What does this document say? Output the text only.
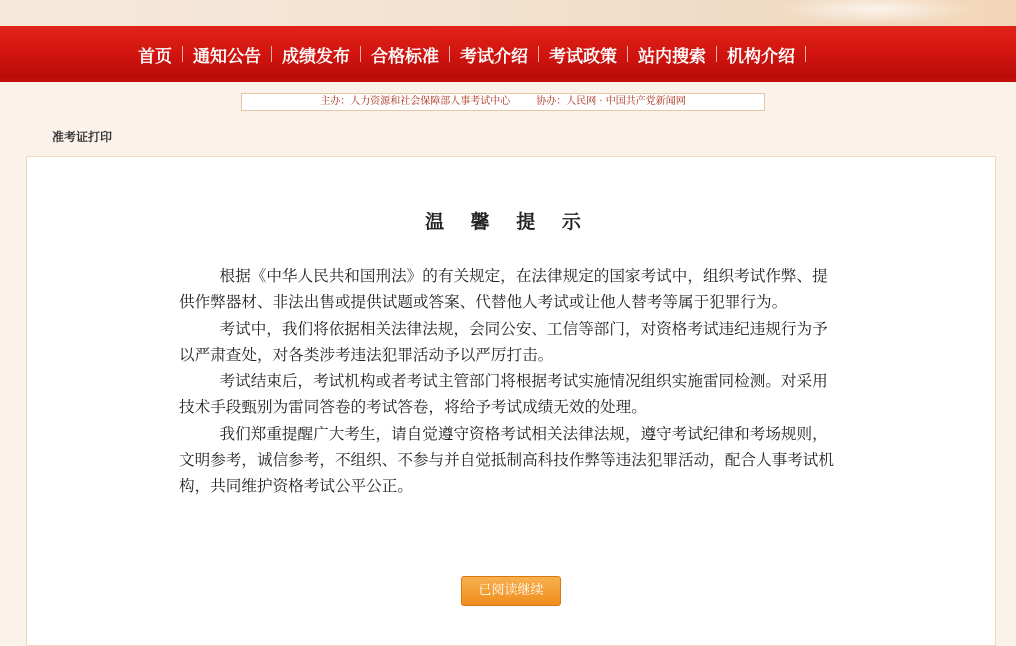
首页	通知公告	成绩发布	合格标准	考试介绍	考试政策	站内搜索	机构介绍
主办：人力资源和社会保障部人事考试中心	协办：人民网 · 中国共产党新闻网
准考证打印
温 馨 提 示

根据《中华人民共和国刑法》的有关规定，在法律规定的国家考试中，组织考试作弊、提供作弊器材、非法出售或提供试题或答案、代替他人考试或让他人替考等属于犯罪行为。

考试中，我们将依据相关法律法规，会同公安、工信等部门，对资格考试违纪违规行为予以严肃查处，对各类涉考违法犯罪活动予以严厉打击。

考试结束后，考试机构或者考试主管部门将根据考试实施情况组织实施雷同检测。对采用技术手段甄别为雷同答卷的考试答卷，将给予考试成绩无效的处理。

我们郑重提醒广大考生，请自觉遵守资格考试相关法律法规，遵守考试纪律和考场规则，文明参考，诚信参考，不组织、不参与并自觉抵制高科技作弊等违法犯罪活动，配合人事考试机构，共同维护资格考试公平公正。

已阅读继续
